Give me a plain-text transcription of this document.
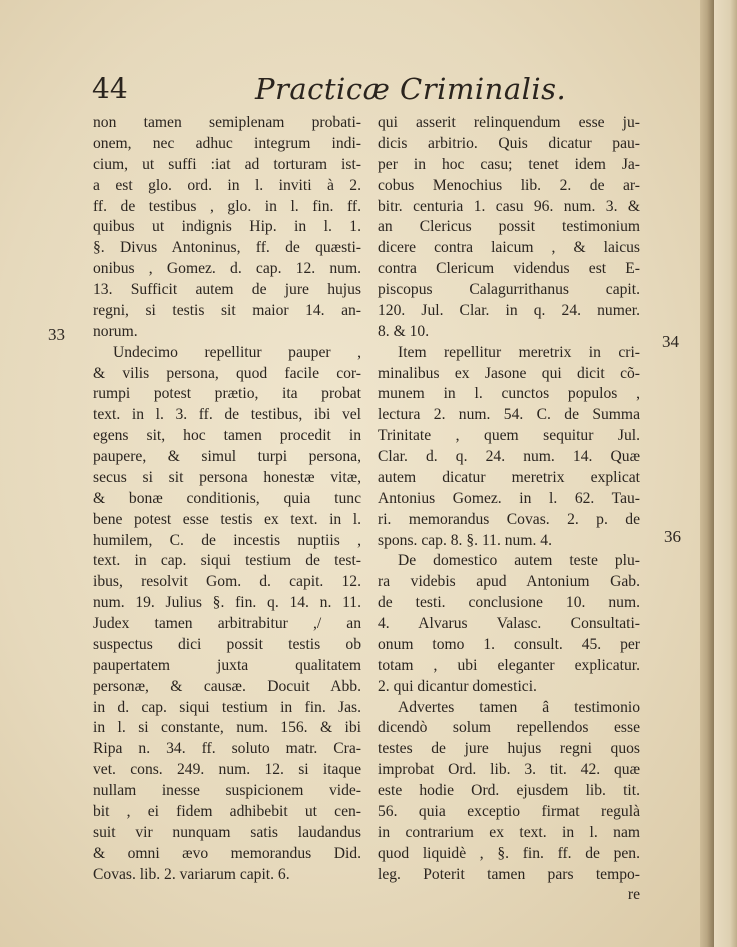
44	Practicæ Criminalis.
non tamen semiplenam probati-
onem, nec adhuc integrum indi-
cium, ut suffi :iat ad torturam ist-
a est glo. ord. in l. inviti à 2.
ff. de testibus , glo. in l. fin. ff.
quibus ut indignis Hip. in l. 1.
§. Divus Antoninus, ff. de quæsti-
onibus , Gomez. d. cap. 12. num.
13. Sufficit autem de jure hujus
regni, si testis sit maior 14. an-
norum.
Undecimo repellitur pauper ,
& vilis persona, quod facile cor-
rumpi potest prætio, ita probat
text. in l. 3. ff. de testibus, ibi vel
egens sit, hoc tamen procedit in
paupere, & simul turpi persona,
secus si sit persona honestæ vitæ,
& bonæ conditionis, quia tunc
bene potest esse testis ex text. in l.
humilem, C. de incestis nuptiis ,
text. in cap. siqui testium de test-
ibus, resolvit Gom. d. capit. 12.
num. 19. Julius §. fin. q. 14. n. 11.
Judex tamen arbitrabitur ,/ an
suspectus dici possit testis ob
paupertatem juxta qualitatem
personæ, & causæ. Docuit Abb.
in d. cap. siqui testium in fin. Jas.
in l. si constante, num. 156. & ibi
Ripa n. 34. ff. soluto matr. Cra-
vet. cons. 249. num. 12. si itaque
nullam inesse suspicionem vide-
bit , ei fidem adhibebit ut cen-
suit vir nunquam satis laudandus
& omni ævo memorandus Did.
Covas. lib. 2. variarum capit. 6.
qui asserit relinquendum esse ju-
dicis arbitrio. Quis dicatur pau-
per in hoc casu; tenet idem Ja-
cobus Menochius lib. 2. de ar-
bitr. centuria 1. casu 96. num. 3. &
an Clericus possit testimonium
dicere contra laicum , & laicus
contra Clericum videndus est E-
piscopus Calagurrithanus capit.
120. Jul. Clar. in q. 24. numer.
8. & 10.
Item repellitur meretrix in cri-
minalibus ex Jasone qui dicit cõ-
munem in l. cunctos populos ,
lectura 2. num. 54. C. de Summa
Trinitate , quem sequitur Jul.
Clar. d. q. 24. num. 14. Quæ
autem dicatur meretrix explicat
Antonius Gomez. in l. 62. Tau-
ri. memorandus Covas. 2. p. de
spons. cap. 8. §. 11. num. 4.
De domestico autem teste plu-
ra videbis apud Antonium Gab.
de testi. conclusione 10. num.
4. Alvarus Valasc. Consultati-
onum tomo 1. consult. 45. per
totam , ubi eleganter explicatur.
2. qui dicantur domestici.
Advertes tamen â testimonio
dicendò solum repellendos esse
testes de jure hujus regni quos
improbat Ord. lib. 3. tit. 42. quæ
este hodie Ord. ejusdem lib. tit.
56. quia exceptio firmat regulà
in contrarium ex text. in l. nam
quod liquidè , §. fin. ff. de pen.
leg. Poterit tamen pars tempo-
re
33	34
36
